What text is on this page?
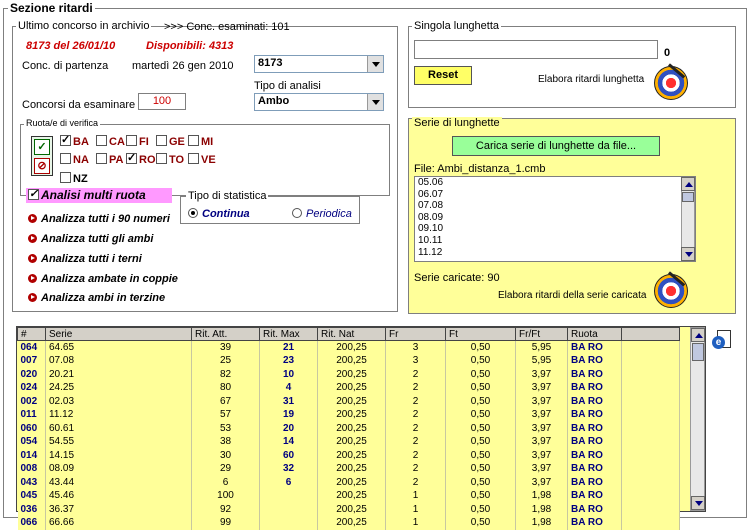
Sezione ritardi
Ultimo concorso in archivio >>> Conc. esaminati: 101
8173 del 26/01/10	Disponibili: 4313
Conc. di partenza martedì 26 gen 2010	8173
Tipo di analisi
Ambo
Concorsi da esaminare	100
Ruota/e di verifica
✓
⊘
✓BA	CA	FI	GE	MI
NA	PA ✓	RO	TO	VE
NZ
✓Analisi multi ruota	Tipo di statistica
Continua	Periodica
Analizza tutti i 90 numeri
Analizza tutti gli ambi
Analizza tutti i terni
Analizza ambate in coppie
Analizza ambi in terzine
Singola lunghetta
0
Reset	Elabora ritardi lunghetta
Serie di lunghette
Carica serie di lunghette da file...
File: Ambi_distanza_1.cmb
05.06
06.07
07.08
08.09
09.10
10.11
11.12
Serie caricate: 90
Elabora ritardi della serie caricata
#	Serie	Rit. Att.	Rit. Max	Rit. Nat	Fr	Ft	Fr/Ft	Ruota	
064	64.65	39	21	200,25	3	0,50	5,95	BA RO	
007	07.08	25	23	200,25	3	0,50	5,95	BA RO	
020	20.21	82	10	200,25	2	0,50	3,97	BA RO	
024	24.25	80	4	200,25	2	0,50	3,97	BA RO	
002	02.03	67	31	200,25	2	0,50	3,97	BA RO	
011	11.12	57	19	200,25	2	0,50	3,97	BA RO	
060	60.61	53	20	200,25	2	0,50	3,97	BA RO	
054	54.55	38	14	200,25	2	0,50	3,97	BA RO	
014	14.15	30	60	200,25	2	0,50	3,97	BA RO	
008	08.09	29	32	200,25	2	0,50	3,97	BA RO	
043	43.44	6	6	200,25	2	0,50	3,97	BA RO	
045	45.46	100		200,25	1	0,50	1,98	BA RO	
036	36.37	92		200,25	1	0,50	1,98	BA RO	
066	66.66	99		200,25	1	0,50	1,98	BA RO	
e
